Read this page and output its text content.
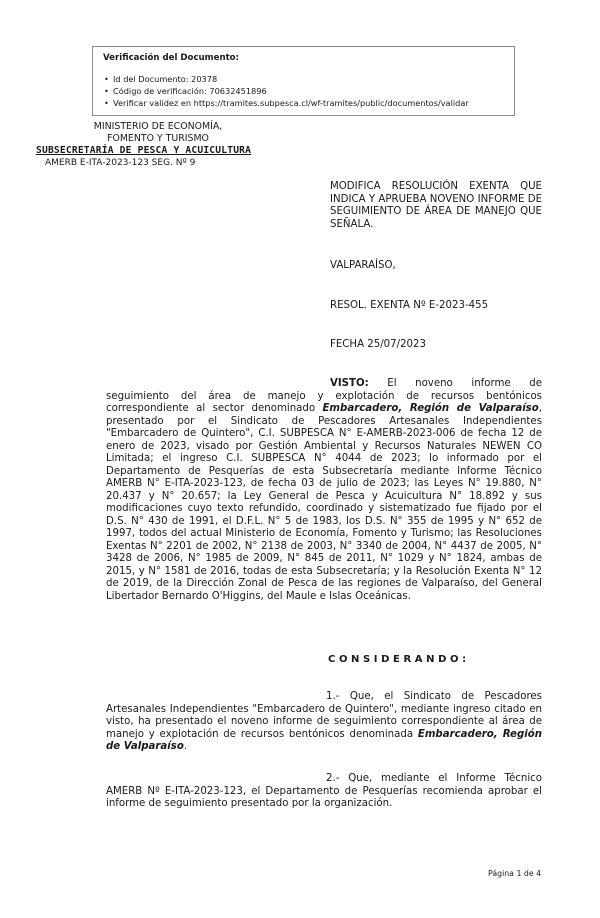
Verificación del Documento:

• Id del Documento: 20378
• Código de verificación: 70632451896
• Verificar validez en https://tramites.subpesca.cl/wf-tramites/public/documentos/validar
MINISTERIO DE ECONOMÍA,
FOMENTO Y TURISMO
SUBSECRETARÍA DE PESCA Y ACUICULTURA
AMERB E-ITA-2023-123 SEG. Nº 9
MODIFICA RESOLUCIÓN EXENTA QUE INDICA Y APRUEBA NOVENO INFORME DE SEGUIMIENTO DE ÁREA DE MANEJO QUE SEÑALA.
VALPARAÍSO,
RESOL. EXENTA Nº E-2023-455
FECHA 25/07/2023
VISTO: El noveno informe de seguimiento del área de manejo y explotación de recursos bentónicos correspondiente al sector denominado Embarcadero, Región de Valparaíso, presentado por el Sindicato de Pescadores Artesanales Independientes "Embarcadero de Quintero", C.I. SUBPESCA N° E-AMERB-2023-006 de fecha 12 de enero de 2023, visado por Gestión Ambiental y Recursos Naturales NEWEN CO Limitada; el ingreso C.I. SUBPESCA N° 4044 de 2023; lo informado por el Departamento de Pesquerías de esta Subsecretaría mediante Informe Técnico AMERB N° E-ITA-2023-123, de fecha 03 de julio de 2023; las Leyes N° 19.880, N° 20.437 y N° 20.657; la Ley General de Pesca y Acuicultura N° 18.892 y sus modificaciones cuyo texto refundido, coordinado y sistematizado fue fijado por el D.S. N° 430 de 1991, el D.F.L. N° 5 de 1983, los D.S. N° 355 de 1995 y N° 652 de 1997, todos del actual Ministerio de Economía, Fomento y Turismo; las Resoluciones Exentas N° 2201 de 2002, N° 2138 de 2003, N° 3340 de 2004, N° 4437 de 2005, N° 3428 de 2006, N° 1985 de 2009, N° 845 de 2011, N° 1029 y N° 1824, ambas de 2015, y N° 1581 de 2016, todas de esta Subsecretaría; y la Resolución Exenta N° 12 de 2019, de la Dirección Zonal de Pesca de las regiones de Valparaíso, del General Libertador Bernardo O'Higgins, del Maule e Islas Oceánicas.
CONSIDERANDO:
1.- Que, el Sindicato de Pescadores Artesanales Independientes "Embarcadero de Quintero", mediante ingreso citado en visto, ha presentado el noveno informe de seguimiento correspondiente al área de manejo y explotación de recursos bentónicos denominada Embarcadero, Región de Valparaíso.
2.- Que, mediante el Informe Técnico AMERB Nº E-ITA-2023-123, el Departamento de Pesquerías recomienda aprobar el informe de seguimiento presentado por la organización.
Página 1 de 4
